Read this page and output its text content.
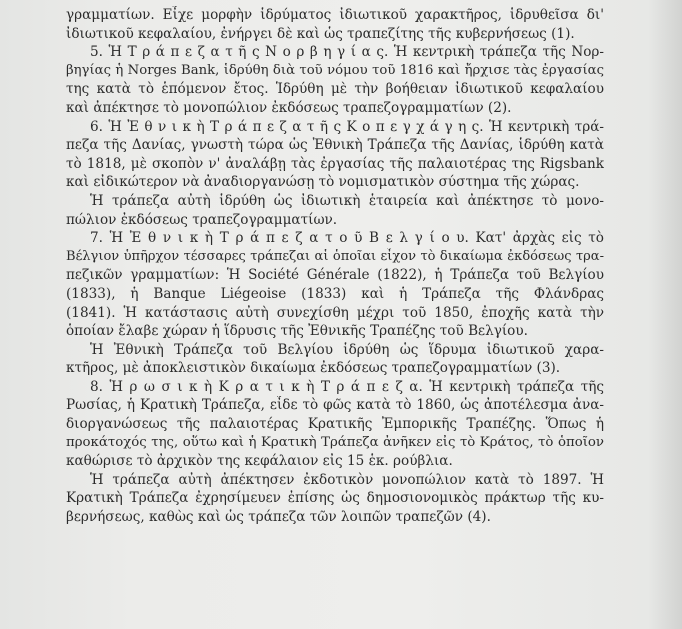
γραμματίων. Εἶχε μορφὴν ἱδρύματος ἰδιωτικοῦ χαρακτῆρος, ἱδρυθεῖσα δι'
ἰδιωτικοῦ κεφαλαίου, ἐνήργει δὲ καὶ ὡς τραπεζίτης τῆς κυβερνήσεως (1).
5. Ἡ Τ ρ ά π ε ζ α τ ῆ ς Ν ο ρ β η γ ί α ς. Ἡ κεντρικὴ τράπεζα τῆς Νορ-
βηγίας ἡ Norges Bank, ἱδρύθη διὰ τοῦ νόμου τοῦ 1816 καὶ ἤρχισε τὰς ἐργασίας
της κατὰ τὸ ἑπόμενον ἔτος. Ἱδρύθη μὲ τὴν βοήθειαν ἰδιωτικοῦ κεφαλαίου
καὶ ἀπέκτησε τὸ μονοπώλιον ἐκδόσεως τραπεζογραμματίων (2).
6. Ἡ Ἐ θ ν ι κ ὴ Τ ρ ά π ε ζ α τ ῆ ς Κ ο π ε γ χ ά γ η ς. Ἡ κεντρικὴ τρά-
πεζα τῆς Δανίας, γνωστὴ τώρα ὡς Ἐθνικὴ Τράπεζα τῆς Δανίας, ἱδρύθη κατὰ
τὸ 1818, μὲ σκοπὸν ν' ἀναλάβῃ τὰς ἐργασίας τῆς παλαιοτέρας της Rigsbank
καὶ εἰδικώτερον νὰ ἀναδιοργανώσῃ τὸ νομισματικὸν σύστημα τῆς χώρας.
Ἡ τράπεζα αὐτὴ ἱδρύθη ὡς ἰδιωτικὴ ἑταιρεία καὶ ἀπέκτησε τὸ μονο-
πώλιον ἐκδόσεως τραπεζογραμματίων.
7. Ἡ Ἐ θ ν ι κ ὴ Τ ρ ά π ε ζ α τ ο ῦ Β ε λ γ ί ο υ. Κατ' ἀρχὰς εἰς τὸ
Βέλγιον ὑπῆρχον τέσσαρες τράπεζαι αἱ ὁποῖαι εἶχον τὸ δικαίωμα ἐκδόσεως τρα-
πεζικῶν γραμματίων: Ἡ Société Générale (1822), ἡ Τράπεζα τοῦ Βελγίου
(1833), ἡ Banque Liégeoise (1833) καὶ ἡ Τράπεζα τῆς Φλάνδρας
(1841). Ἡ κατάστασις αὐτὴ συνεχίσθη μέχρι τοῦ 1850, ἐποχῆς κατὰ τὴν
ὁποίαν ἔλαβε χώραν ἡ ἵδρυσις τῆς Ἐθνικῆς Τραπέζης τοῦ Βελγίου.
Ἡ Ἐθνικὴ Τράπεζα τοῦ Βελγίου ἱδρύθη ὡς ἵδρυμα ἰδιωτικοῦ χαρα-
κτῆρος, μὲ ἀποκλειστικὸν δικαίωμα ἐκδόσεως τραπεζογραμματίων (3).
8. Ἡ ρ ω σ ι κ ὴ Κ ρ α τ ι κ ὴ Τ ρ ά π ε ζ α. Ἡ κεντρικὴ τράπεζα τῆς
Ρωσίας, ἡ Κρατικὴ Τράπεζα, εἶδε τὸ φῶς κατὰ τὸ 1860, ὡς ἀποτέλεσμα ἀνα-
διοργανώσεως τῆς παλαιοτέρας Κρατικῆς Ἐμπορικῆς Τραπέζης. Ὅπως ἡ
προκάτοχός της, οὕτω καὶ ἡ Κρατικὴ Τράπεζα ἀνῆκεν εἰς τὸ Κράτος, τὸ ὁποῖον
καθώρισε τὸ ἀρχικὸν της κεφάλαιον εἰς 15 ἑκ. ρούβλια.
Ἡ τράπεζα αὐτὴ ἀπέκτησεν ἐκδοτικὸν μονοπώλιον κατὰ τὸ 1897. Ἡ
Κρατικὴ Τράπεζα ἐχρησίμευεν ἐπίσης ὡς δημοσιονομικὸς πράκτωρ τῆς κυ-
βερνήσεως, καθὼς καὶ ὡς τράπεζα τῶν λοιπῶν τραπεζῶν (4).
